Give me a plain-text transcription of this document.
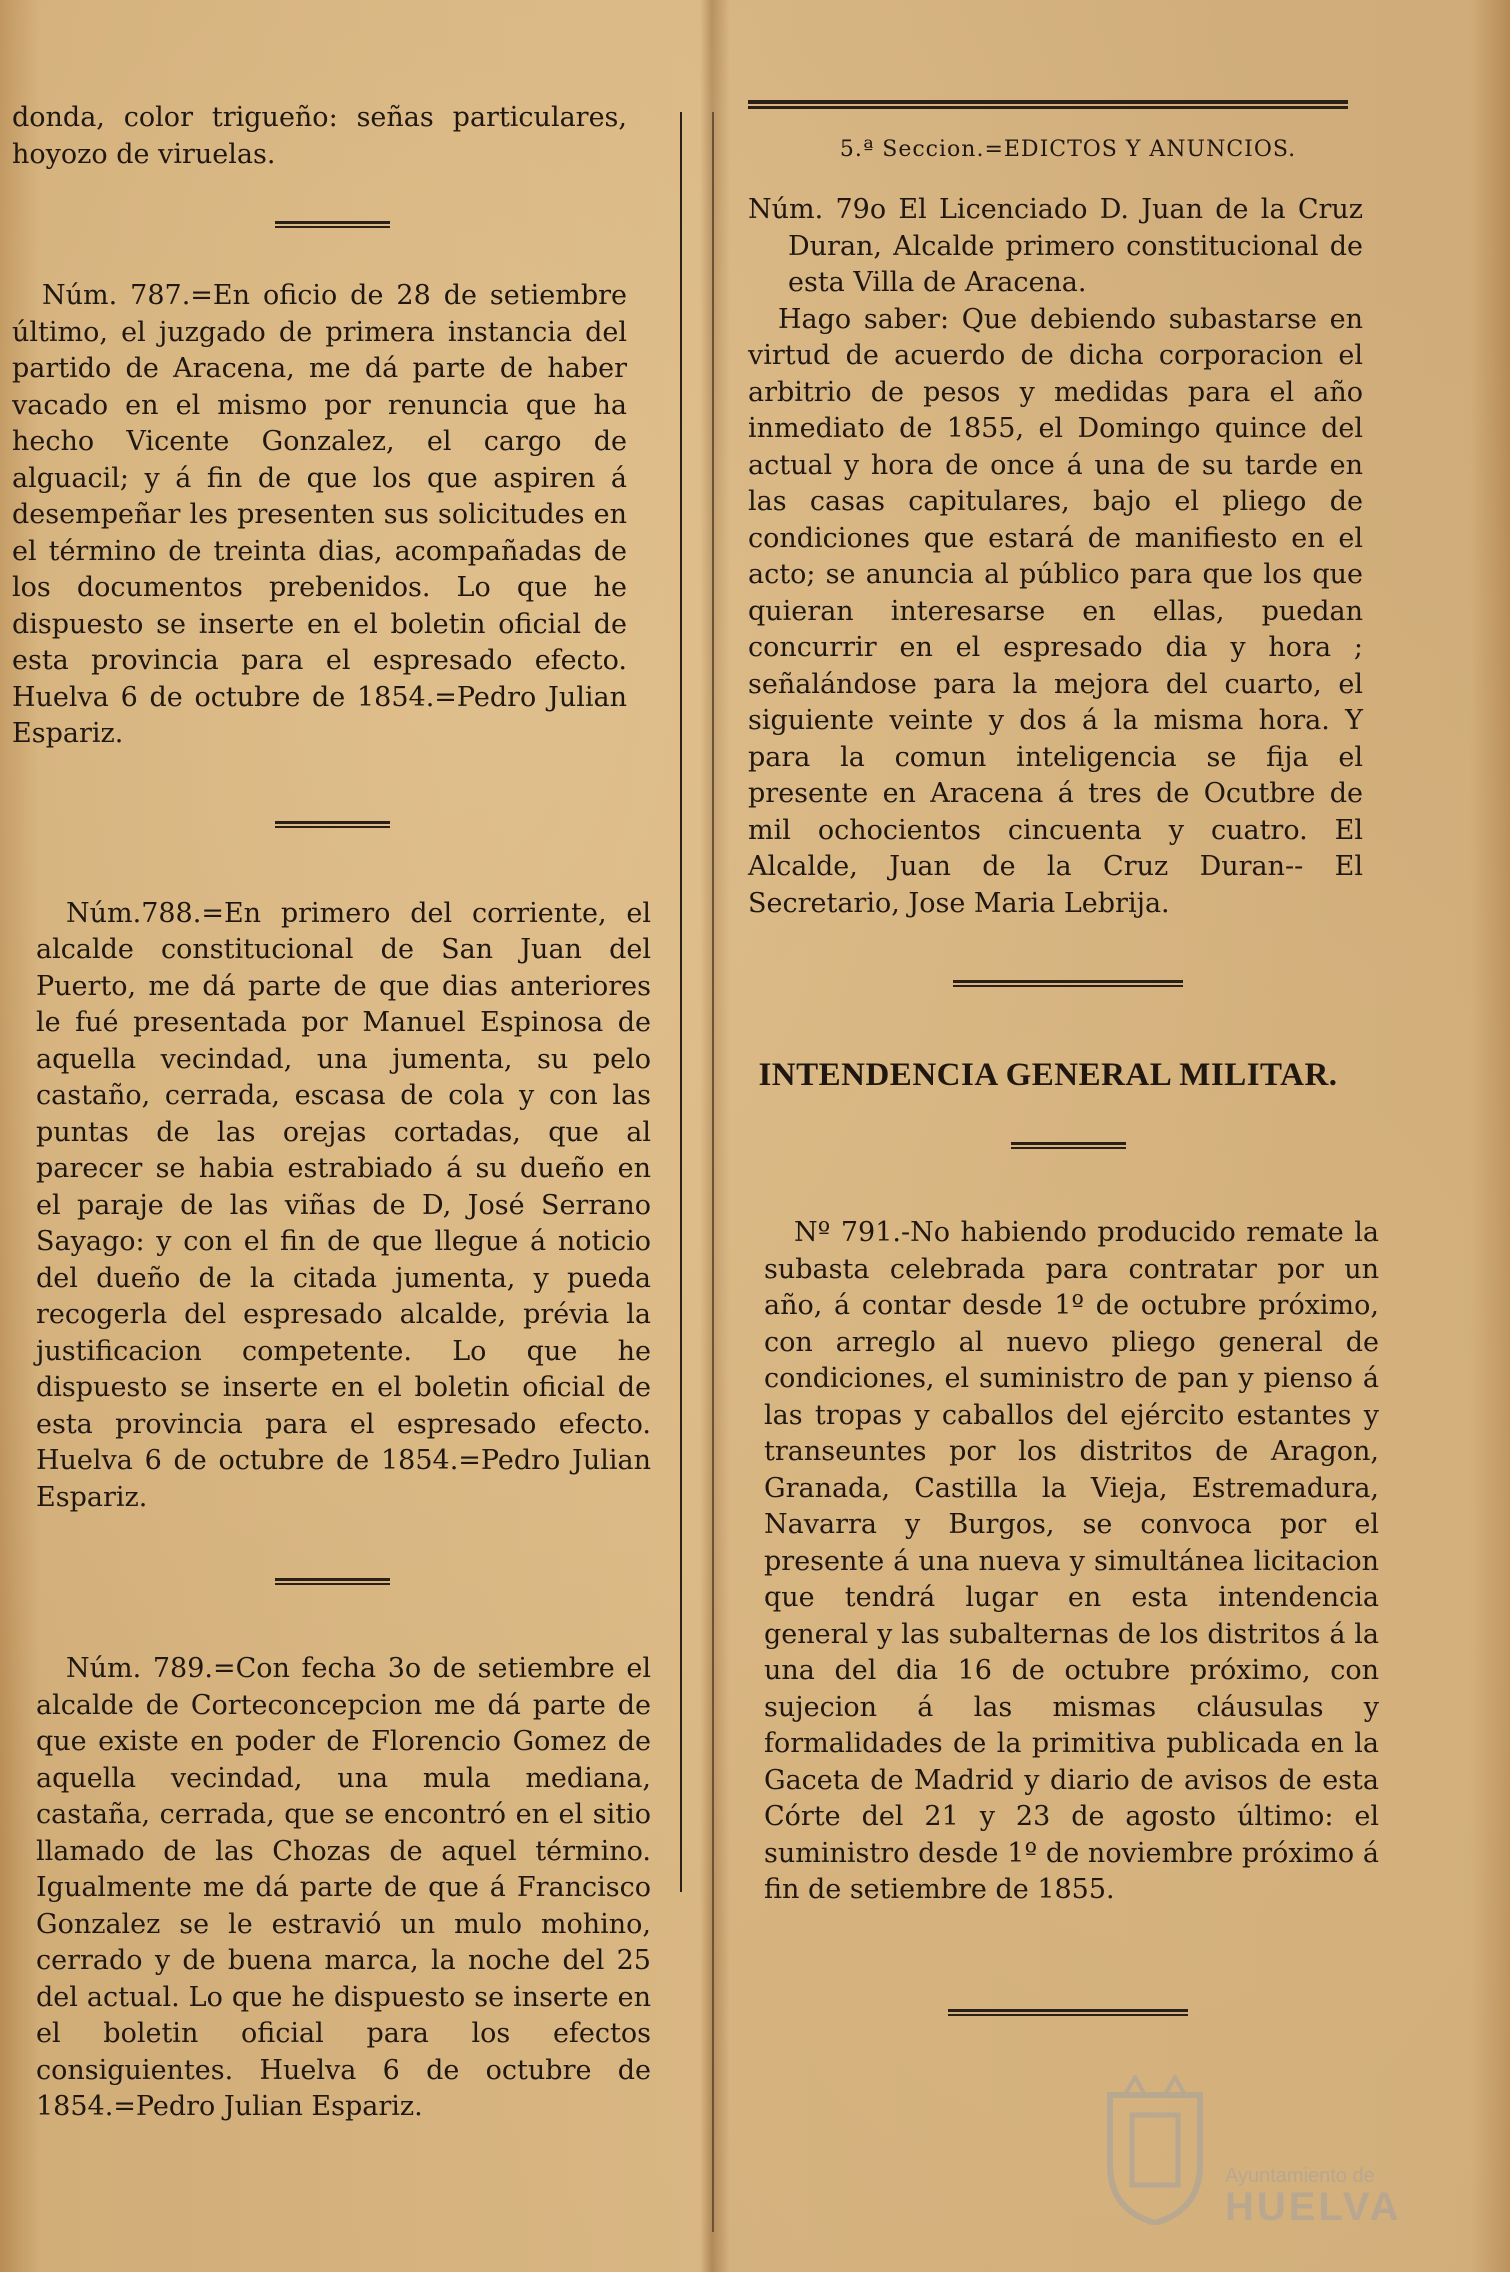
donda, color trigueño: señas particulares, hoyozo de viruelas.

Núm. 787.=En oficio de 28 de setiembre último, el juzgado de primera instancia del partido de Aracena, me dá parte de haber vacado en el mismo por renuncia que ha hecho Vicente Gonzalez, el cargo de alguacil; y á fin de que los que aspiren á desempeñar les presenten sus solicitudes en el término de treinta dias, acompañadas de los documentos prebenidos. Lo que he dispuesto se inserte en el boletin oficial de esta provincia para el espresado efecto. Huelva 6 de octubre de 1854.=Pedro Julian Espariz.

Núm.788.=En primero del corriente, el alcalde constitucional de San Juan del Puerto, me dá parte de que dias anteriores le fué presentada por Manuel Espinosa de aquella vecindad, una jumenta, su pelo castaño, cerrada, escasa de cola y con las puntas de las orejas cortadas, que al parecer se habia estrabiado á su dueño en el paraje de las viñas de D, José Serrano Sayago: y con el fin de que llegue á noticio del dueño de la citada jumenta, y pueda recogerla del espresado alcalde, prévia la justificacion competente. Lo que he dispuesto se inserte en el boletin oficial de esta provincia para el espresado efecto. Huelva 6 de octubre de 1854.=Pedro Julian Espariz.

Núm. 789.=Con fecha 3o de setiembre el alcalde de Corteconcepcion me dá parte de que existe en poder de Florencio Gomez de aquella vecindad, una mula mediana, castaña, cerrada, que se encontró en el sitio llamado de las Chozas de aquel término. Igualmente me dá parte de que á Francisco Gonzalez se le estravió un mulo mohino, cerrado y de buena marca, la noche del 25 del actual. Lo que he dispuesto se inserte en el boletin oficial para los efectos consiguientes. Huelva 6 de octubre de 1854.=Pedro Julian Espariz.

5.ª Seccion.=EDICTOS Y ANUNCIOS.

Núm. 79o El Licenciado D. Juan de la Cruz Duran, Alcalde primero constitucional de esta Villa de Aracena.

Hago saber: Que debiendo subastarse en virtud de acuerdo de dicha corporacion el arbitrio de pesos y medidas para el año inmediato de 1855, el Domingo quince del actual y hora de once á una de su tarde en las casas capitulares, bajo el pliego de condiciones que estará de manifiesto en el acto; se anuncia al público para que los que quieran interesarse en ellas, puedan concurrir en el espresado dia y hora ; señalándose para la mejora del cuarto, el siguiente veinte y dos á la misma hora. Y para la comun inteligencia se fija el presente en Aracena á tres de Ocutbre de mil ochocientos cincuenta y cuatro. El Alcalde, Juan de la Cruz Duran-- El Secretario, Jose Maria Lebrija.

INTENDENCIA GENERAL MILITAR.

Nº 791.-No habiendo producido remate la subasta celebrada para contratar por un año, á contar desde 1º de octubre próximo, con arreglo al nuevo pliego general de condiciones, el suministro de pan y pienso á las tropas y caballos del ejército estantes y transeuntes por los distritos de Aragon, Granada, Castilla la Vieja, Estremadura, Navarra y Burgos, se convoca por el presente á una nueva y simultánea licitacion que tendrá lugar en esta intendencia general y las subalternas de los distritos á la una del dia 16 de octubre próximo, con sujecion á las mismas cláusulas y formalidades de la primitiva publicada en la Gaceta de Madrid y diario de avisos de esta Córte del 21 y 23 de agosto último: el suministro desde 1º de noviembre próximo á fin de setiembre de 1855.

Ayuntamiento de
HUELVA
